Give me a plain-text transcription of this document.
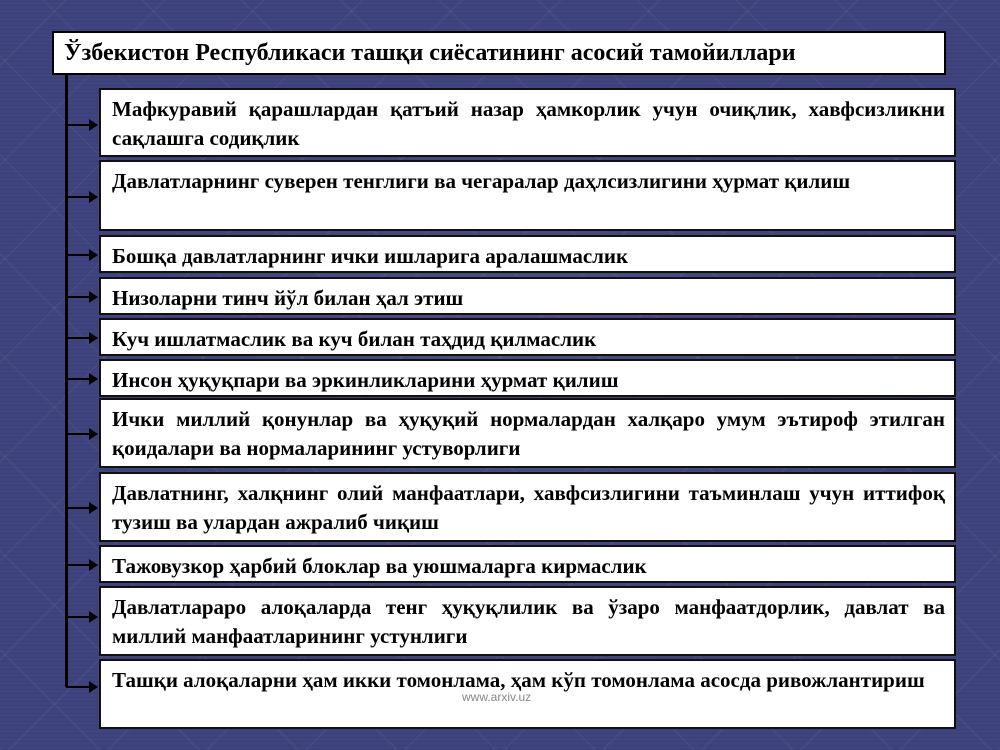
Ўзбекистон Республикаси ташқи сиёсатининг асосий тамойиллари
Мафкуравий қарашлардан қатъий назар ҳамкорлик учун очиқлик, хавфсизликни сақлашга содиқлик
Давлатларнинг суверен тенглиги ва чегаралар даҳлсизлигини ҳурмат қилиш
Бошқа давлатларнинг ички ишларига аралашмаслик
Низоларни тинч йўл билан ҳал этиш
Куч ишлатмаслик ва куч билан таҳдид қилмаслик
Инсон ҳуқуқпари ва эркинликларини ҳурмат қилиш
Ички миллий қонунлар ва ҳуқуқий нормалардан халқаро умум эътироф этилган қоидалари ва нормаларининг устуворлиги
Давлатнинг, халқнинг олий манфаатлари, хавфсизлигини таъминлаш учун иттифоқ тузиш ва улардан ажралиб чиқиш
Тажовузкор ҳарбий блоклар ва уюшмаларга кирмаслик
Давлатлараро алоқаларда тенг ҳуқуқлилик ва ўзаро манфаатдорлик, давлат ва миллий манфаатларининг устунлиги
Ташқи алоқаларни ҳам икки томонлама, ҳам кўп томонлама асосда ривожлантириш
www.arxiv.uz
